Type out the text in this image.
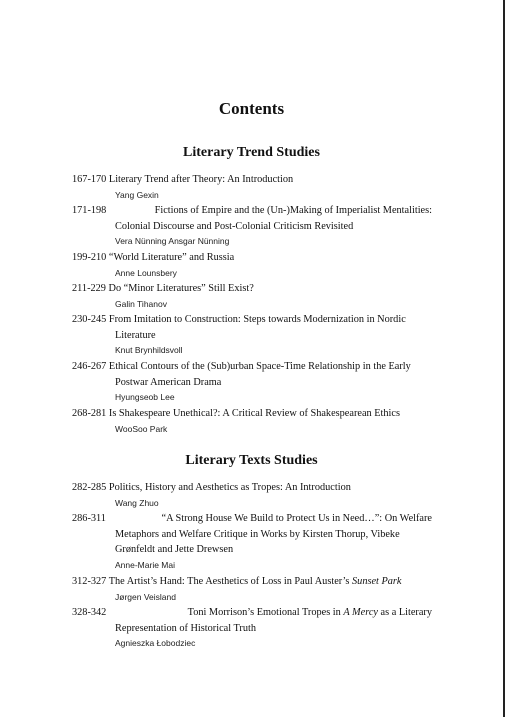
Contents
Literary Trend Studies
167-170 Literary Trend after Theory: An Introduction
Yang Gexin
171-198	Fictions of Empire and the (Un-)Making of Imperialist Mentalities:
Colonial Discourse and Post-Colonial Criticism Revisited
Vera Nünning Ansgar Nünning
199-210 “World Literature” and Russia
Anne Lounsbery
211-229 Do “Minor Literatures” Still Exist?
Galin Tihanov
230-245 From Imitation to Construction: Steps towards Modernization in Nordic
Literature
Knut Brynhildsvoll
246-267 Ethical Contours of the (Sub)urban Space-Time Relationship in the Early
Postwar American Drama
Hyungseob Lee
268-281 Is Shakespeare Unethical?: A Critical Review of Shakespearean Ethics
WooSoo Park
Literary Texts Studies
282-285 Politics, History and Aesthetics as Tropes: An Introduction
Wang Zhuo
286-311	“A Strong House We Build to Protect Us in Need…”: On Welfare
Metaphors and Welfare Critique in Works by Kirsten Thorup, Vibeke
Grønfeldt and Jette Drewsen
Anne-Marie Mai
312-327 The Artist’s Hand: The Aesthetics of Loss in Paul Auster’s Sunset Park
Jørgen Veisland
328-342	Toni Morrison’s Emotional Tropes in A Mercy as a Literary
Representation of Historical Truth
Agnieszka Łobodziec
